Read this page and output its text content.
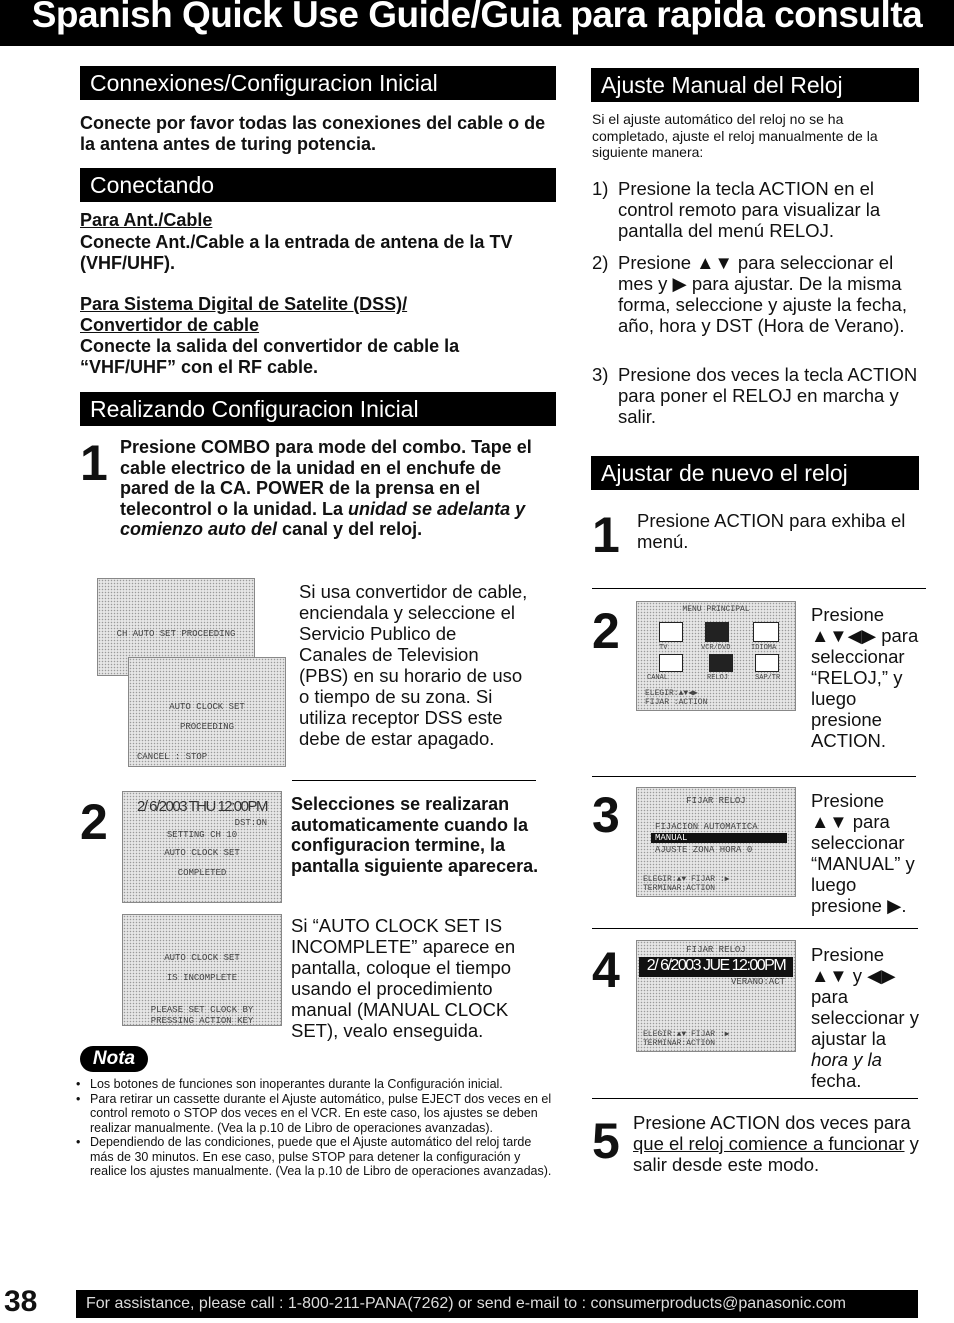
Spanish Quick Use Guide/Guia para rapida consulta
Connexiones/Configuracion Inicial
Conecte por favor todas las conexiones del cable o de la antena antes de turing potencia.
Conectando
Para Ant./Cable
Conecte Ant./Cable a la entrada de antena de la TV (VHF/UHF).
Para Sistema Digital de Satelite (DSS)/ Convertidor de cable
Conecte la salida del convertidor de cable la “VHF/UHF” con el RF cable.
Realizando Configuracion Inicial
1 Presione COMBO para mode del combo. Tape el cable electrico de la unidad en el enchufe de pared de la CA. POWER de la prensa en el telecontrol o la unidad. La unidad se adelanta y comienzo auto del canal y del reloj.
CH AUTO SET PROCEEDING
AUTO CLOCK SET
PROCEEDING
CANCEL : STOP
Si usa convertidor de cable, enciendala y seleccione el Servicio Publico de Canales de Television (PBS) en su horario de uso o tiempo de su zona. Si utiliza receptor DSS este debe de estar apagado.
2	2/ 6/2003 THU 12:00PM
DST:ON
SETTING CH 10
AUTO CLOCK SET
COMPLETED
Selecciones se realizaran automaticamente cuando la configuracion termine, la pantalla siguiente aparecera.
AUTO CLOCK SET
IS INCOMPLETE
PLEASE SET CLOCK BY
PRESSING ACTION KEY
Si “AUTO CLOCK SET IS INCOMPLETE” aparece en pantalla, coloque el tiempo usando el procedimiento manual (MANUAL CLOCK SET), vealo enseguida.
Nota
• Los botones de funciones son inoperantes durante la Configuración inicial.
• Para retirar un cassette durante el Ajuste automático, pulse EJECT dos veces en el control remoto o STOP dos veces en el VCR. En este caso, los ajustes se deben realizar manualmente. (Vea la p.10 de Libro de operaciones avanzadas).
• Dependiendo de las condiciones, puede que el Ajuste automático del reloj tarde más de 30 minutos. En ese caso, pulse STOP para detener la configuración y realice los ajustes manualmente. (Vea la p.10 de Libro de operaciones avanzadas).
Ajuste Manual del Reloj
Si el ajuste automático del reloj no se ha completado, ajuste el reloj manualmente de la siguiente manera:
1) Presione la tecla ACTION en el control remoto para visualizar la pantalla del menú RELOJ.
2) Presione ▲▼ para seleccionar el mes y ▶ para ajustar. De la misma forma, seleccione y ajuste la fecha, año, hora y DST (Hora de Verano).
3) Presione dos veces la tecla ACTION para poner el RELOJ en marcha y salir.
Ajustar de nuevo el reloj
1 Presione ACTION para exhiba el menú.
2	MENU PRINCIPAL
TV	VCR/DVD	IDIOMA
CANAL	RELOJ	SAP/TR
ELEGIR:▲▼◀▶
FIJAR :ACTION
Presione ▲▼◀▶ para seleccionar “RELOJ,” y luego presione ACTION.
3	FIJAR RELOJ
FIJACION AUTOMATICA
MANUAL
AJUSTE ZONA HORA 0
ELEGIR:▲▼ FIJAR :▶
TERMINAR:ACTION
Presione ▲▼ para seleccionar “MANUAL” y luego presione ▶.
4	FIJAR RELOJ
2/ 6/2003 JUE 12:00PM
VERANO:ACT
ELEGIR:▲▼ FIJAR :▶
TERMINAR:ACTION
Presione ▲▼ y ◀▶ para seleccionar y ajustar la hora y la fecha.
5 Presione ACTION dos veces para que el reloj comience a funcionar y salir desde este modo.
38	For assistance, please call : 1-800-211-PANA(7262) or send e-mail to : consumerproducts@panasonic.com
